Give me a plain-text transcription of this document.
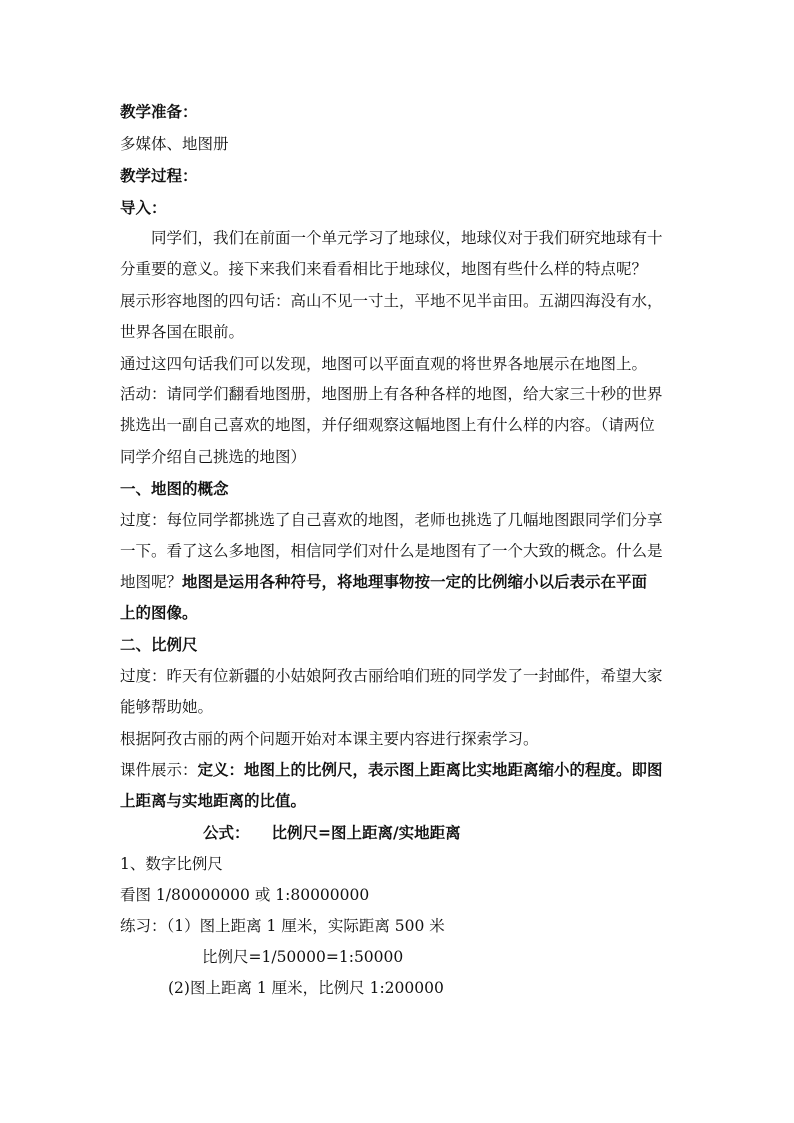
教学准备：
多媒体、地图册
教学过程：
导入：
同学们，我们在前面一个单元学习了地球仪，地球仪对于我们研究地球有十
分重要的意义。接下来我们来看看相比于地球仪，地图有些什么样的特点呢？
展示形容地图的四句话：高山不见一寸土，平地不见半亩田。五湖四海没有水，
世界各国在眼前。
通过这四句话我们可以发现，地图可以平面直观的将世界各地展示在地图上。
活动：请同学们翻看地图册，地图册上有各种各样的地图，给大家三十秒的世界
挑选出一副自己喜欢的地图，并仔细观察这幅地图上有什么样的内容。（请两位
同学介绍自己挑选的地图）
一、地图的概念
过度：每位同学都挑选了自己喜欢的地图，老师也挑选了几幅地图跟同学们分享
一下。看了这么多地图，相信同学们对什么是地图有了一个大致的概念。什么是
地图呢？地图是运用各种符号，将地理事物按一定的比例缩小以后表示在平面
上的图像。
二、比例尺
过度：昨天有位新疆的小姑娘阿孜古丽给咱们班的同学发了一封邮件，希望大家
能够帮助她。
根据阿孜古丽的两个问题开始对本课主要内容进行探索学习。
课件展示：定义：地图上的比例尺，表示图上距离比实地距离缩小的程度。即图
上距离与实地距离的比值。
公式： 比例尺=图上距离/实地距离
1、数字比例尺
看图 1/80000000 或 1:80000000
练习：（1）图上距离 1 厘米，实际距离 500 米
比例尺=1/50000=1:50000
(2)图上距离 1 厘米，比例尺 1:200000
